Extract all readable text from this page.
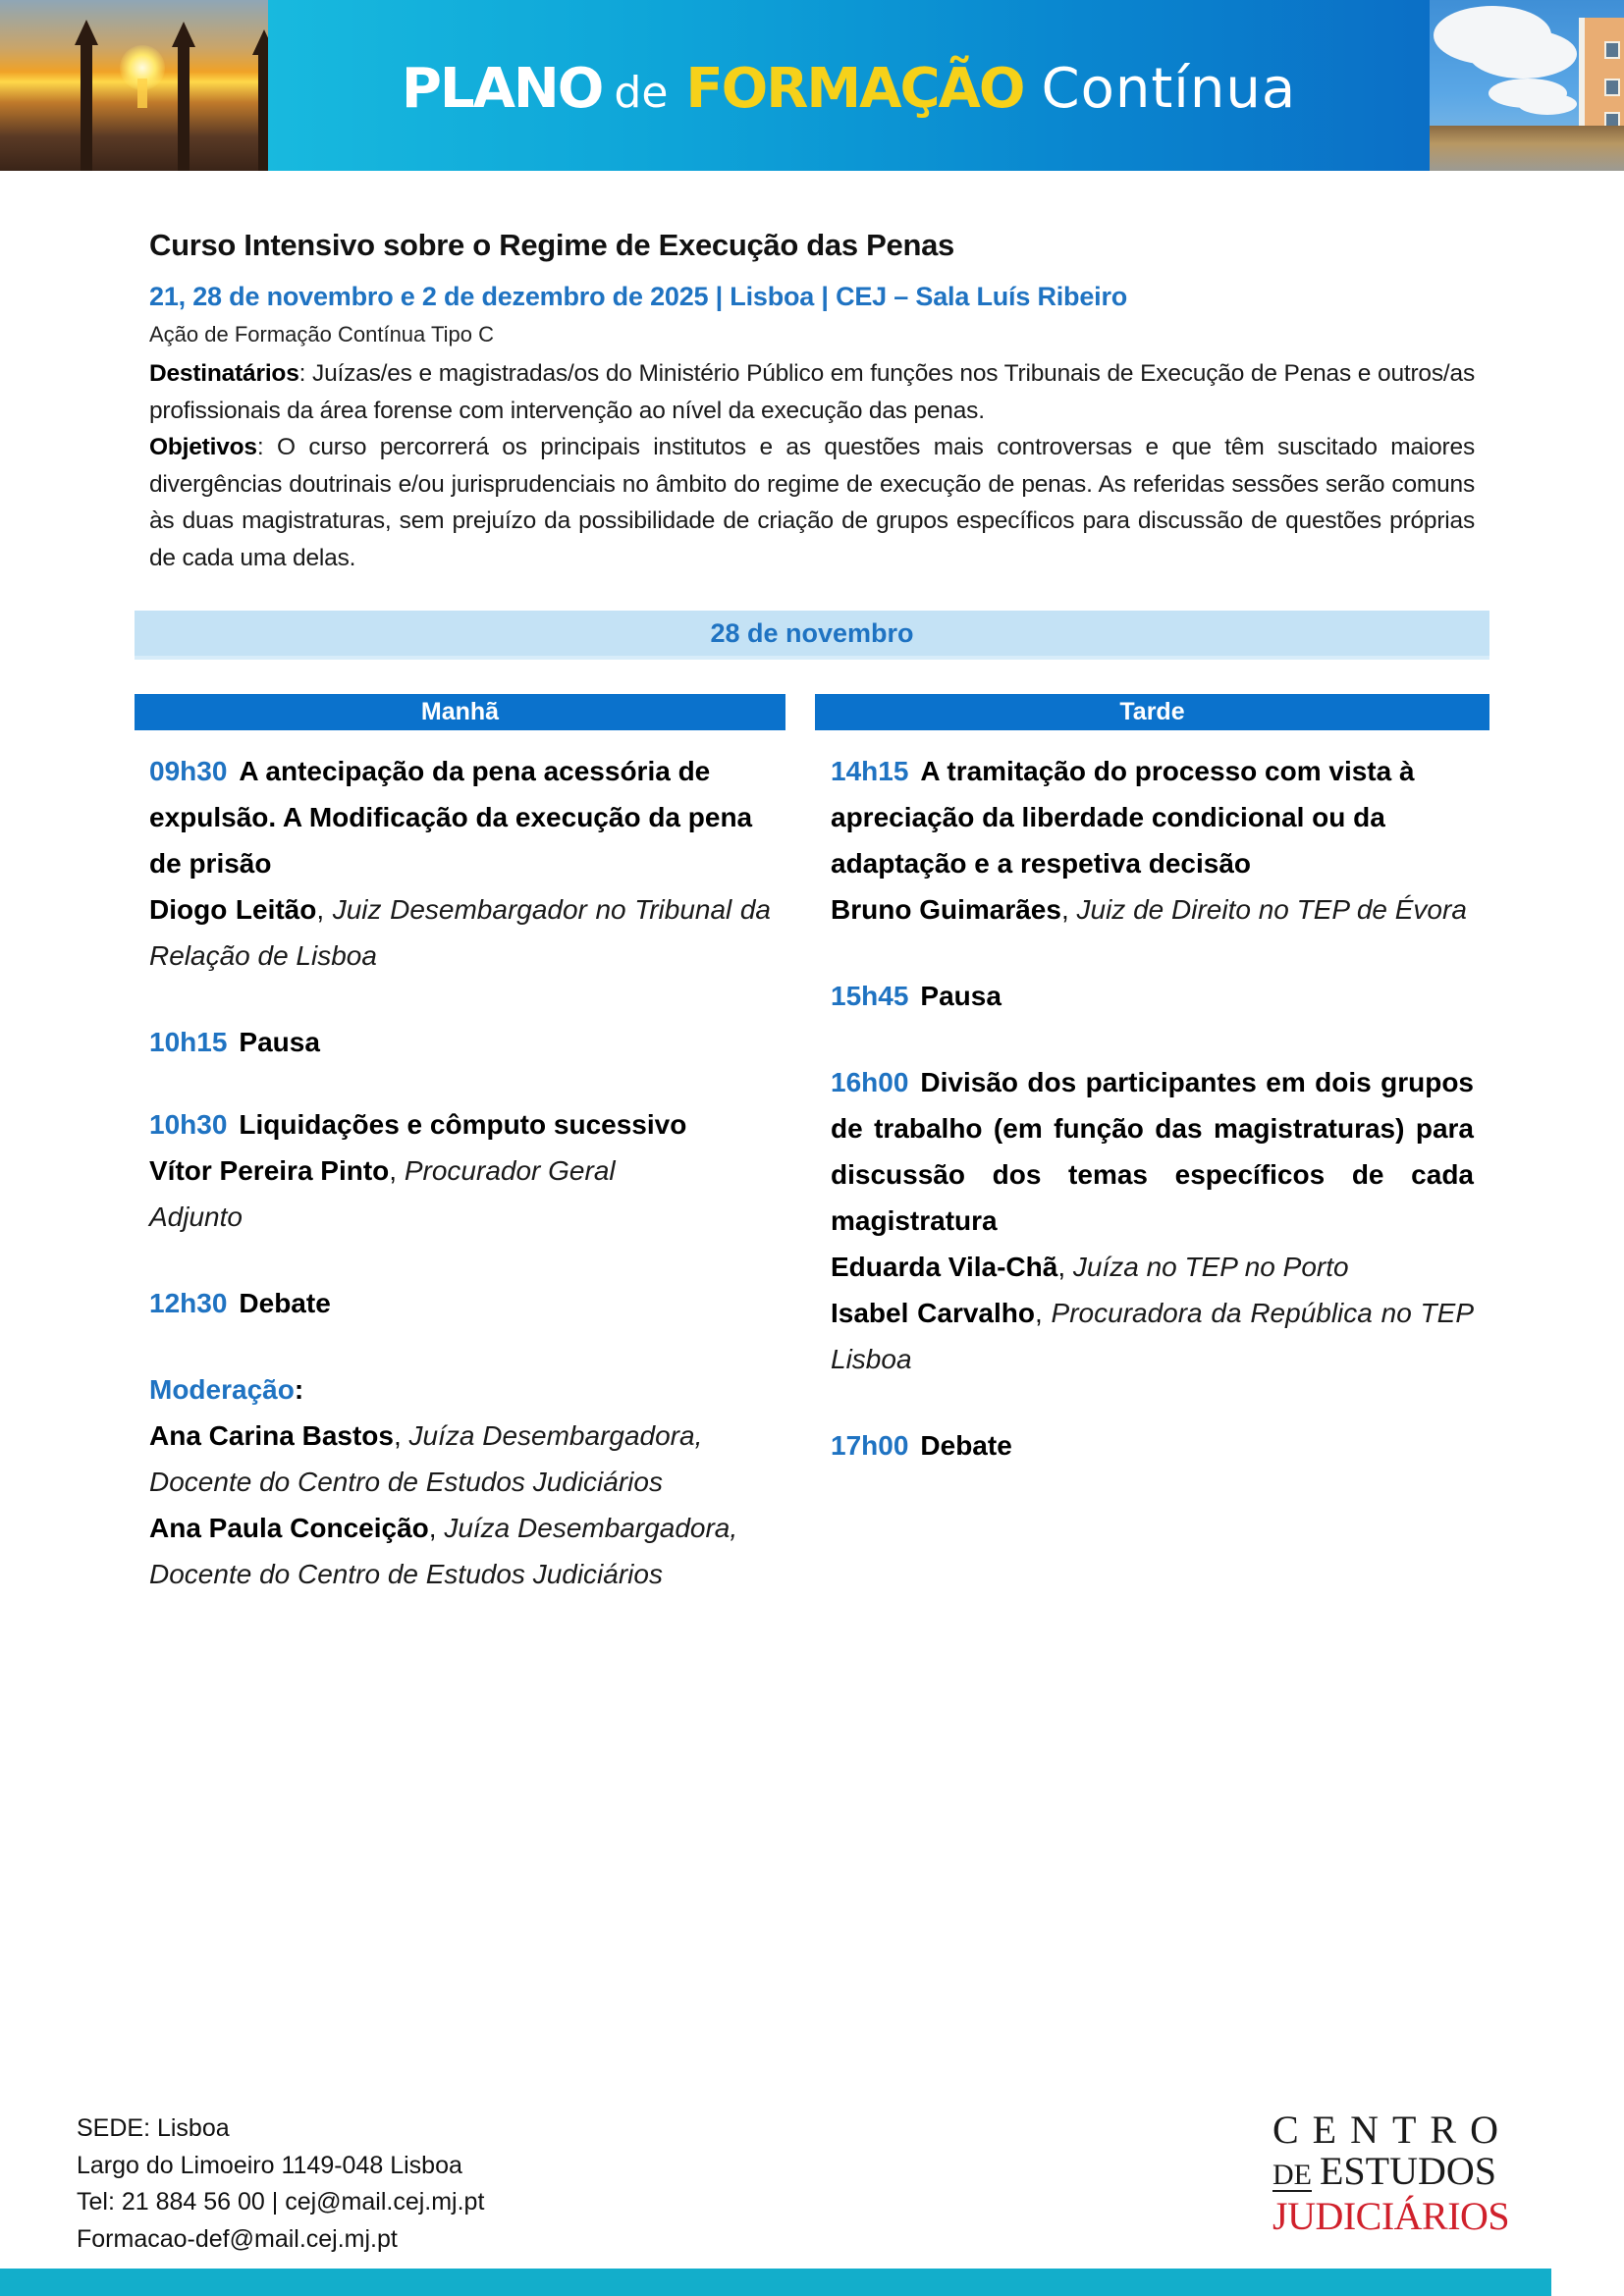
PLANO de FORMAÇÃO Contínua
Curso Intensivo sobre o Regime de Execução das Penas
21, 28 de novembro e 2 de dezembro de 2025 | Lisboa | CEJ – Sala Luís Ribeiro
Ação de Formação Contínua Tipo C
Destinatários: Juízas/es e magistradas/os do Ministério Público em funções nos Tribunais de Execução de Penas e outros/as profissionais da área forense com intervenção ao nível da execução das penas.
Objetivos: O curso percorrerá os principais institutos e as questões mais controversas e que têm suscitado maiores divergências doutrinais e/ou jurisprudenciais no âmbito do regime de execução de penas. As referidas sessões serão comuns às duas magistraturas, sem prejuízo da possibilidade de criação de grupos específicos para discussão de questões próprias de cada uma delas.
28 de novembro
Manhã	Tarde

09h30 A antecipação da pena acessória de expulsão. A Modificação da execução da pena de prisão

Diogo Leitão, Juiz Desembargador no Tribunal da Relação de Lisboa

10h15 Pausa

10h30 Liquidações e cômputo sucessivo

Vítor Pereira Pinto, Procurador Geral Adjunto

12h30 Debate

Moderação:

Ana Carina Bastos, Juíza Desembargadora, Docente do Centro de Estudos Judiciários

Ana Paula Conceição, Juíza Desembargadora, Docente do Centro de Estudos Judiciários

14h15 A tramitação do processo com vista à apreciação da liberdade condicional ou da adaptação e a respetiva decisão

Bruno Guimarães, Juiz de Direito no TEP de Évora

15h45 Pausa

16h00 Divisão dos participantes em dois grupos de trabalho (em função das magistraturas) para discussão dos temas específicos de cada magistratura

Eduarda Vila-Chã, Juíza no TEP no Porto

Isabel Carvalho, Procuradora da República no TEP Lisboa

17h00 Debate

SEDE: Lisboa
Largo do Limoeiro 1149-048 Lisboa
Tel: 21 884 56 00 | cej@mail.cej.mj.pt
Formacao-def@mail.cej.mj.pt
CENTRO
DE ESTUDOS
JUDICIÁRIOS
